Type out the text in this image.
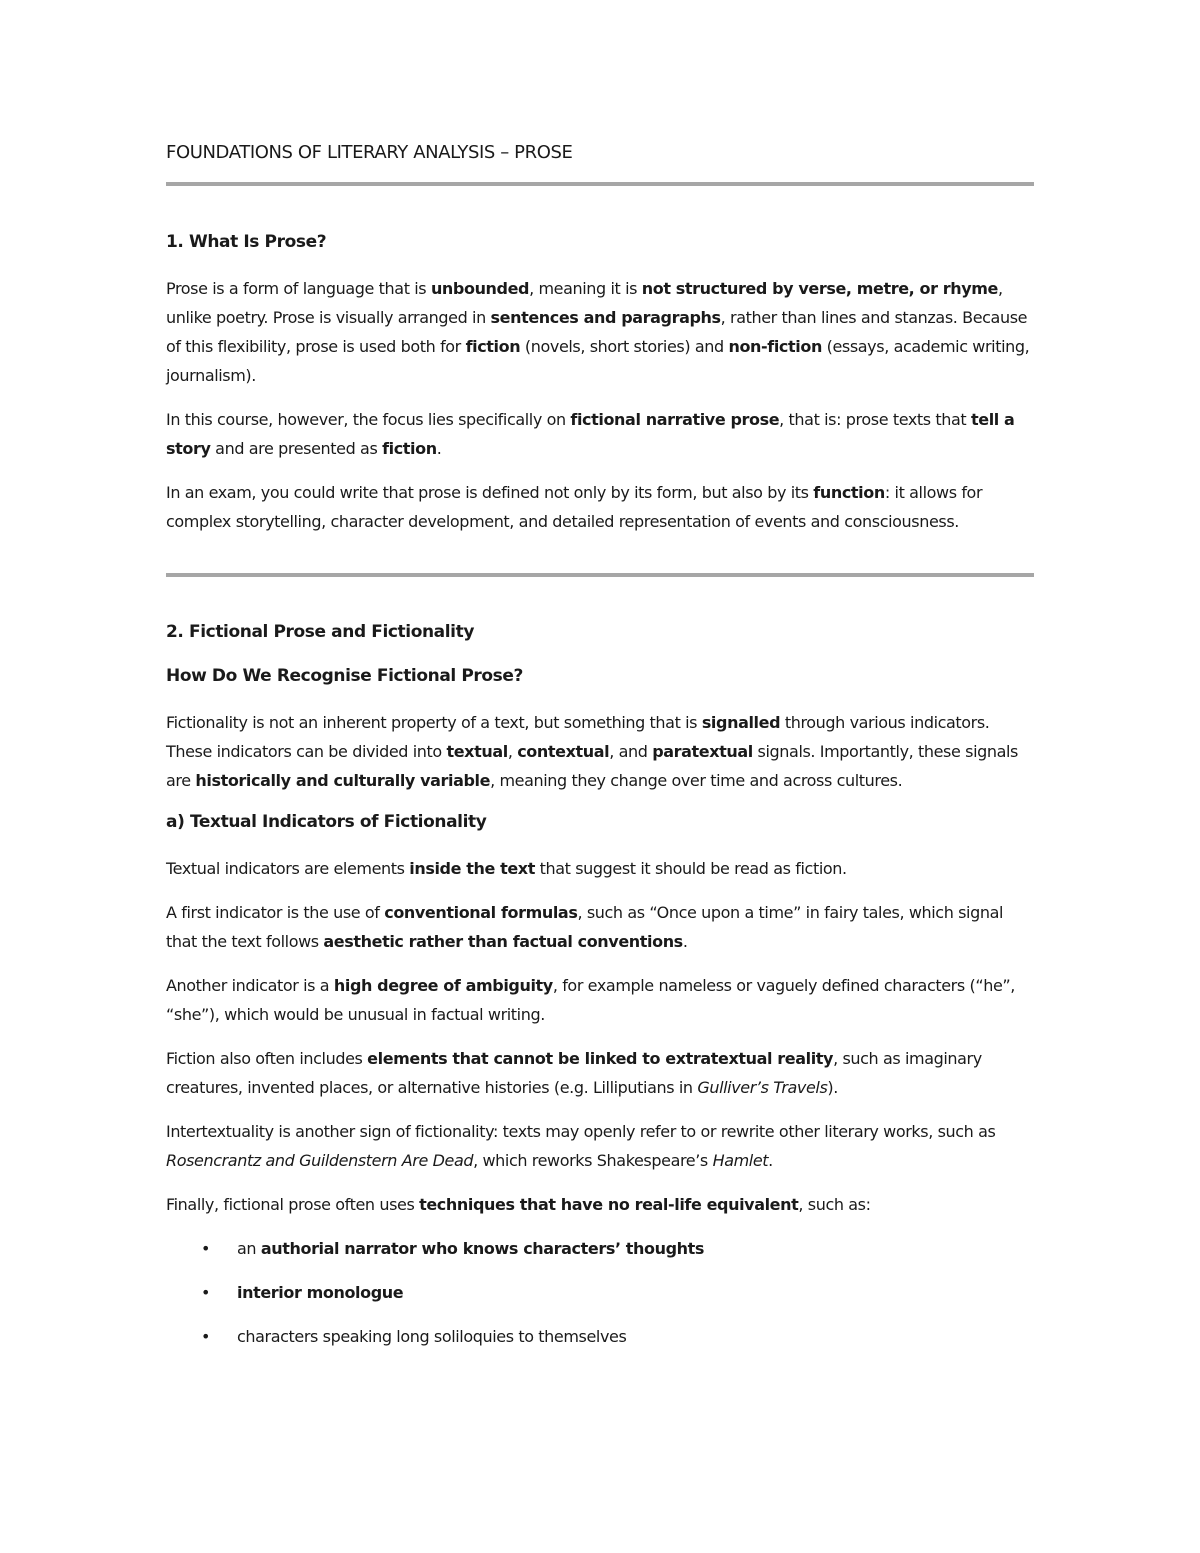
FOUNDATIONS OF LITERARY ANALYSIS – PROSE
1. What Is Prose?

Prose is a form of language that is unbounded, meaning it is not structured by verse, metre, or rhyme, unlike poetry. Prose is visually arranged in sentences and paragraphs, rather than lines and stanzas. Because of this flexibility, prose is used both for fiction (novels, short stories) and non-fiction (essays, academic writing, journalism).

In this course, however, the focus lies specifically on fictional narrative prose, that is: prose texts that tell a story and are presented as fiction.

In an exam, you could write that prose is defined not only by its form, but also by its function: it allows for complex storytelling, character development, and detailed representation of events and consciousness.

2. Fictional Prose and Fictionality
How Do We Recognise Fictional Prose?

Fictionality is not an inherent property of a text, but something that is signalled through various indicators. These indicators can be divided into textual, contextual, and paratextual signals. Importantly, these signals are historically and culturally variable, meaning they change over time and across cultures.

a) Textual Indicators of Fictionality

Textual indicators are elements inside the text that suggest it should be read as fiction.

A first indicator is the use of conventional formulas, such as “Once upon a time” in fairy tales, which signal that the text follows aesthetic rather than factual conventions.

Another indicator is a high degree of ambiguity, for example nameless or vaguely defined characters (“he”, “she”), which would be unusual in factual writing.

Fiction also often includes elements that cannot be linked to extratextual reality, such as imaginary creatures, invented places, or alternative histories (e.g. Lilliputians in Gulliver’s Travels).

Intertextuality is another sign of fictionality: texts may openly refer to or rewrite other literary works, such as Rosencrantz and Guildenstern Are Dead, which reworks Shakespeare’s Hamlet.

Finally, fictional prose often uses techniques that have no real-life equivalent, such as:

• an authorial narrator who knows characters’ thoughts
• interior monologue
• characters speaking long soliloquies to themselves
